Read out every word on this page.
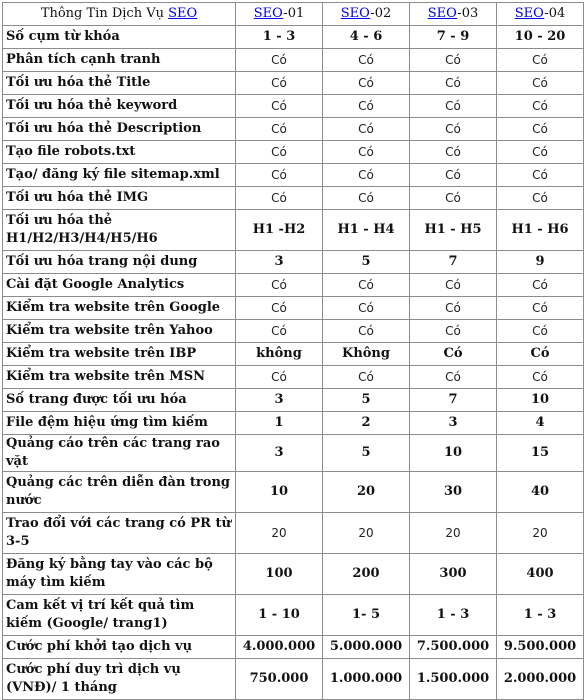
Thông Tin Dịch Vụ SEO	SEO-01	SEO-02	SEO-03	SEO-04
Số cụm từ khóa	1 - 3	4 - 6	7 - 9	10 - 20
Phân tích cạnh tranh	Có	Có	Có	Có
Tối ưu hóa thẻ Title	Có	Có	Có	Có
Tối ưu hóa thẻ keyword	Có	Có	Có	Có
Tối ưu hóa thẻ Description	Có	Có	Có	Có
Tạo file robots.txt	Có	Có	Có	Có
Tạo/ đăng ký file sitemap.xml	Có	Có	Có	Có
Tối ưu hóa thẻ IMG	Có	Có	Có	Có
Tối ưu hóa thẻ H1/H2/H3/H4/H5/H6	H1 -H2	H1 - H4	H1 - H5	H1 - H6
Tối ưu hóa trang nội dung	3	5	7	9
Cài đặt Google Analytics	Có	Có	Có	Có
Kiểm tra website trên Google	Có	Có	Có	Có
Kiểm tra website trên Yahoo	Có	Có	Có	Có
Kiểm tra website trên IBP	không	Không	Có	Có
Kiểm tra website trên MSN	Có	Có	Có	Có
Số trang được tối ưu hóa	3	5	7	10
File đệm hiệu ứng tìm kiếm	1	2	3	4
Quảng cáo trên các trang rao vặt	3	5	10	15
Quảng các trên diễn đàn trong nước	10	20	30	40
Trao đổi với các trang có PR từ 3-5	20	20	20	20
Đăng ký bằng tay vào các bộ máy tìm kiếm	100	200	300	400
Cam kết vị trí kết quả tìm kiếm (Google/ trang1)	1 - 10	1- 5	1 - 3	1 - 3
Cước phí khởi tạo dịch vụ	4.000.000	5.000.000	7.500.000	9.500.000
Cước phí duy trì dịch vụ (VNĐ)/ 1 tháng	750.000	1.000.000	1.500.000	2.000.000
